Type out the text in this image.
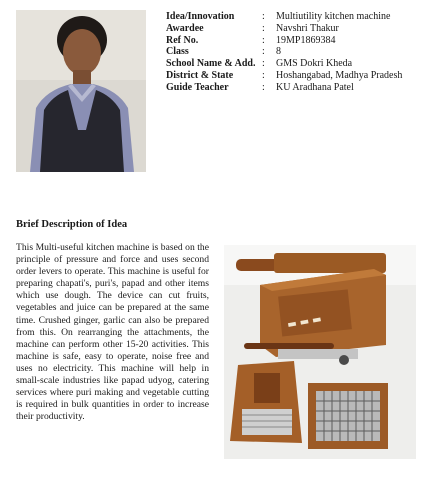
Idea/Innovation	:	Multiutility kitchen machine
Awardee	:	Navshri Thakur
Ref No.	:	19MP1869384
Class	:	8
School Name & Add. :	GMS Dokri Kheda
District & State	:	Hoshangabad, Madhya Pradesh
Guide Teacher	:	KU Aradhana Patel
Brief Description of Idea

This Multi-useful kitchen machine is based on the principle of pressure and force and uses second order levers to operate. This machine is useful for preparing chapati's, puri's, papad and other items which use dough. The device can cut fruits, vegetables and juice can be prepared at the same time. Crushed ginger, garlic can also be prepared from this. On rearranging the attachments, the machine can perform other 15-20 activities. This machine is safe, easy to operate, noise free and uses no electricity. This machine will help in small-scale industries like papad udyog, catering services where puri making and vegetable cutting is required in bulk quantities in order to increase their productivity.

▬ ▬ ▬
